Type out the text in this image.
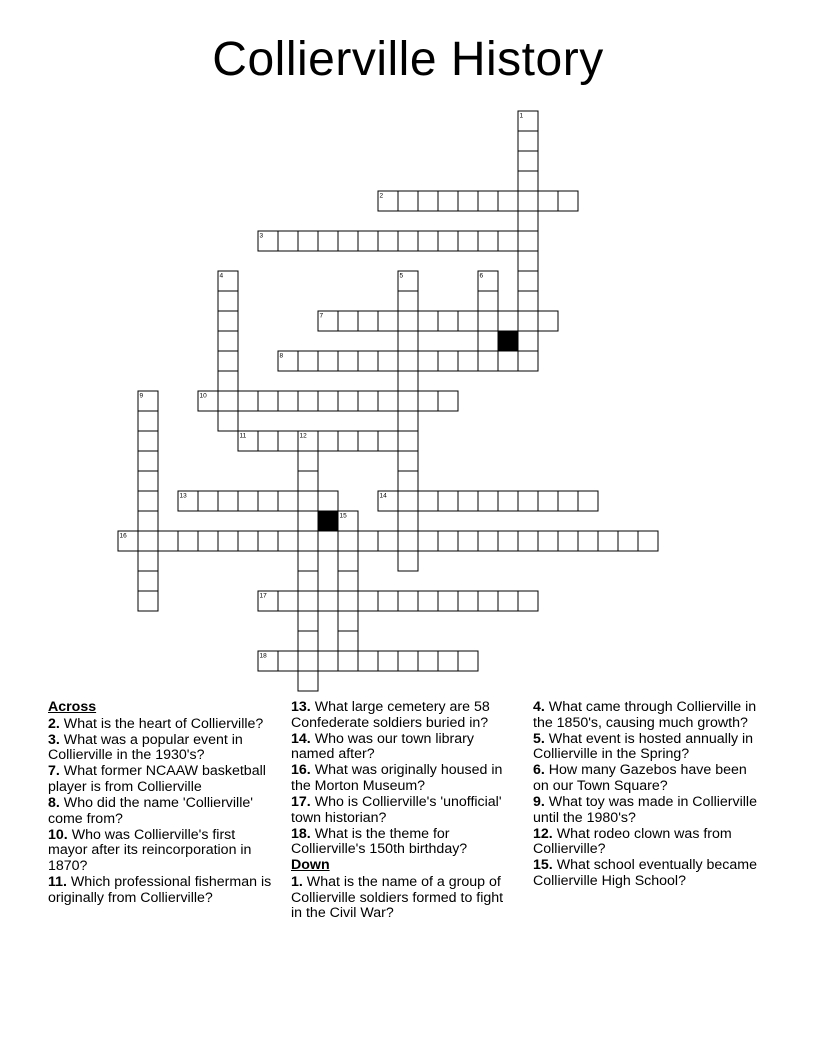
Collierville History
2
3
7
8
10
11
13	14
16
17
18
1
4	5	6
9
12
15
Across
2. What is the heart of Collierville?
3. What was a popular event in Collierville in the 1930's?
7. What former NCAAW basketball player is from Collierville
8. Who did the name 'Collierville' come from?
10. Who was Collierville's first mayor after its reincorporation in 1870?
11. Which professional fisherman is originally from Collierville?
13. What large cemetery are 58 Confederate soldiers buried in?
14. Who was our town library named after?
16. What was originally housed in the Morton Museum?
17. Who is Collierville's 'unofficial' town historian?
18. What is the theme for Collierville's 150th birthday?
Down
1. What is the name of a group of Collierville soldiers formed to fight in the Civil War?
4. What came through Collierville in the 1850's, causing much growth?
5. What event is hosted annually in Collierville in the Spring?
6. How many Gazebos have been on our Town Square?
9. What toy was made in Collierville until the 1980's?
12. What rodeo clown was from Collierville?
15. What school eventually became Collierville High School?
